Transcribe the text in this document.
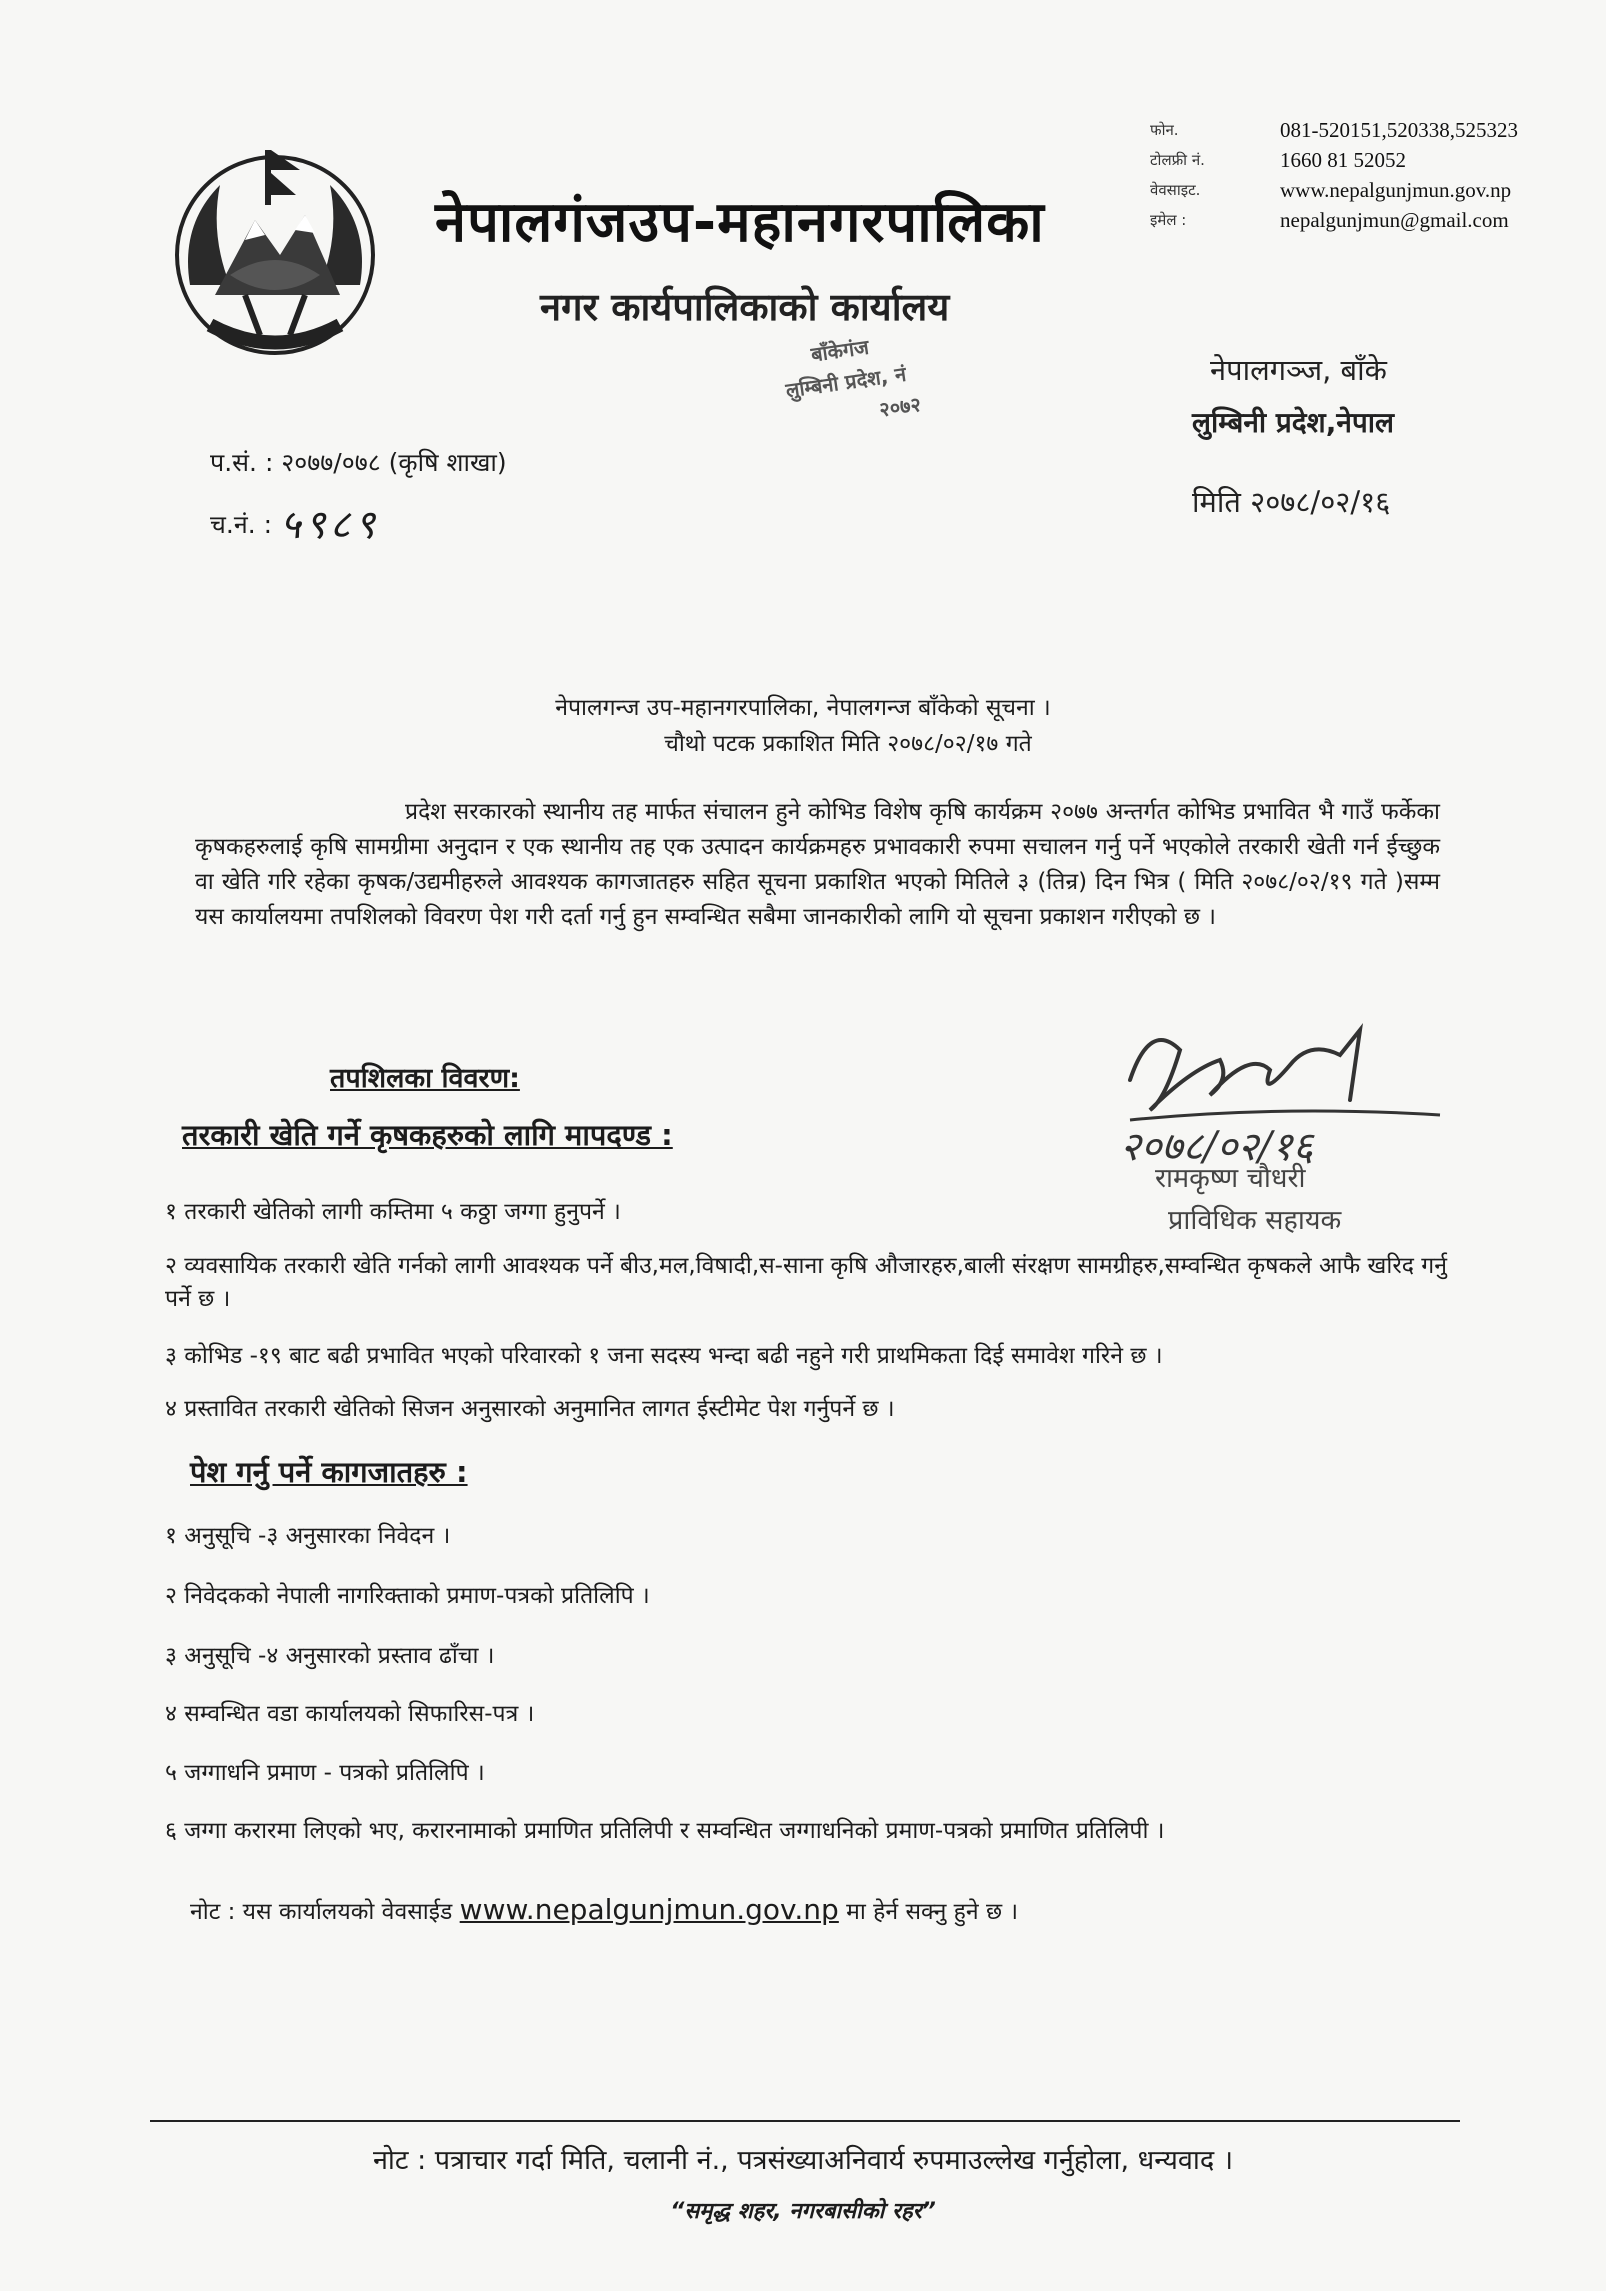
फोन.	081-520151,520338,525323
टोलफ्री नं.	1660 81 52052
वेवसाइट.	www.nepalgunjmun.gov.np
इमेल :	nepalgunjmun@gmail.com
नेपालगंजउप-महानगरपालिका
नगर कार्यपालिकाको कार्यालय
बाँकेगंज
लुम्बिनी प्रदेश, नं
२०७२
नेपालगञ्ज, बाँके
लुम्बिनी प्रदेश,नेपाल
मिति २०७८/०२/१६
प.सं. : २०७७/०७८ (कृषि शाखा)
च.नं. : ५९८९
नेपालगन्ज उप-महानगरपालिका, नेपालगन्ज बाँकेको सूचना ।
चौथो पटक प्रकाशित मिति २०७८/०२/१७ गते

प्रदेश सरकारको स्थानीय तह मार्फत संचालन हुने कोभिड विशेष कृषि कार्यक्रम २०७७ अन्तर्गत कोभिड प्रभावित भै गाउँ फर्केका कृषकहरुलाई कृषि सामग्रीमा अनुदान र एक स्थानीय तह एक उत्पादन कार्यक्रमहरु प्रभावकारी रुपमा सचालन गर्नु पर्ने भएकोले तरकारी खेती गर्न ईच्छुक वा खेति गरि रहेका कृषक/उद्यमीहरुले आवश्यक कागजातहरु सहित सूचना प्रकाशित भएको मितिले ३ (तिन्र) दिन भित्र ( मिति २०७८/०२/१९ गते )सम्म यस कार्यालयमा तपशिलको विवरण पेश गरी दर्ता गर्नु हुन सम्वन्धित सबैमा जानकारीको लागि यो सूचना प्रकाशन गरीएको छ ।

२०७८/०२/१६
रामकृष्ण चौधरी
प्राविधिक सहायक
तपशिलका विवरण:
तरकारी खेति गर्ने कृषकहरुको लागि मापदण्ड :

१ तरकारी खेतिको लागी कम्तिमा ५ कठ्ठा जग्गा हुनुपर्ने ।

२ व्यवसायिक तरकारी खेति गर्नको लागी आवश्यक पर्ने बीउ,मल,विषादी,स-साना कृषि औजारहरु,बाली संरक्षण सामग्रीहरु,सम्वन्धित कृषकले आफै खरिद गर्नु पर्ने छ ।

३ कोभिड -१९ बाट बढी प्रभावित भएको परिवारको १ जना सदस्य भन्दा बढी नहुने गरी प्राथमिकता दिई समावेश गरिने छ ।

४ प्रस्तावित तरकारी खेतिको सिजन अनुसारको अनुमानित लागत ईस्टीमेट पेश गर्नुपर्ने छ ।

पेश गर्नु पर्ने कागजातहरु :

१ अनुसूचि -३ अनुसारका निवेदन ।

२ निवेदकको नेपाली नागरिक्ताको प्रमाण-पत्रको प्रतिलिपि ।

३ अनुसूचि -४ अनुसारको प्रस्ताव ढाँचा ।

४ सम्वन्धित वडा कार्यालयको सिफारिस-पत्र ।

५ जग्गाधनि प्रमाण - पत्रको प्रतिलिपि ।

६ जग्गा करारमा लिएको भए, करारनामाको प्रमाणित प्रतिलिपी र सम्वन्धित जग्गाधनिको प्रमाण-पत्रको प्रमाणित प्रतिलिपी ।

नोट : यस कार्यालयको वेवसाईड www.nepalgunjmun.gov.np मा हेर्न सक्नु हुने छ ।
नोट : पत्राचार गर्दा मिति, चलानी नं., पत्रसंख्याअनिवार्य रुपमाउल्लेख गर्नुहोला, धन्यवाद ।
“समृद्ध शहर, नगरबासीको रहर”
